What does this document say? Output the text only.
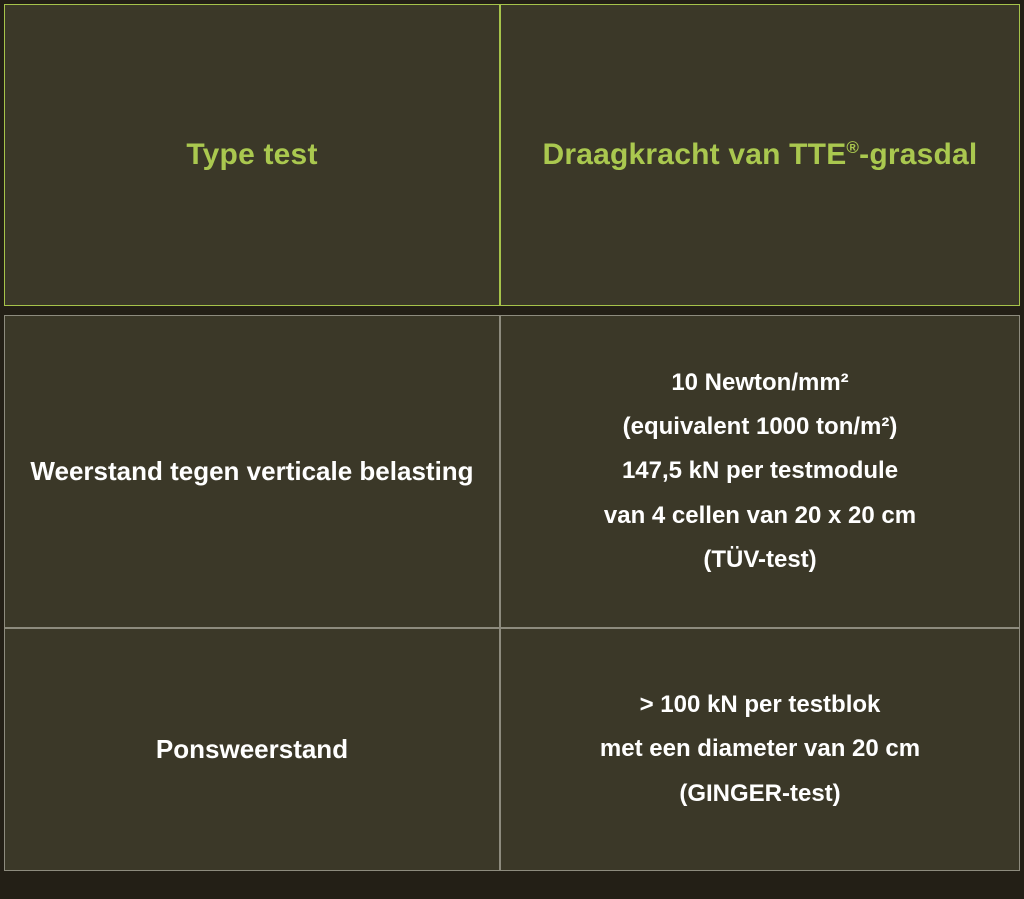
Type test	Draagkracht van TTE®-grasdal

Weerstand tegen verticale belasting	10 Newton/mm²
(equivalent 1000 ton/m²)
147,5 kN per testmodule
van 4 cellen van 20 x 20 cm
(TÜV-test)

Ponsweerstand	> 100 kN per testblok
met een diameter van 20 cm
(GINGER-test)
